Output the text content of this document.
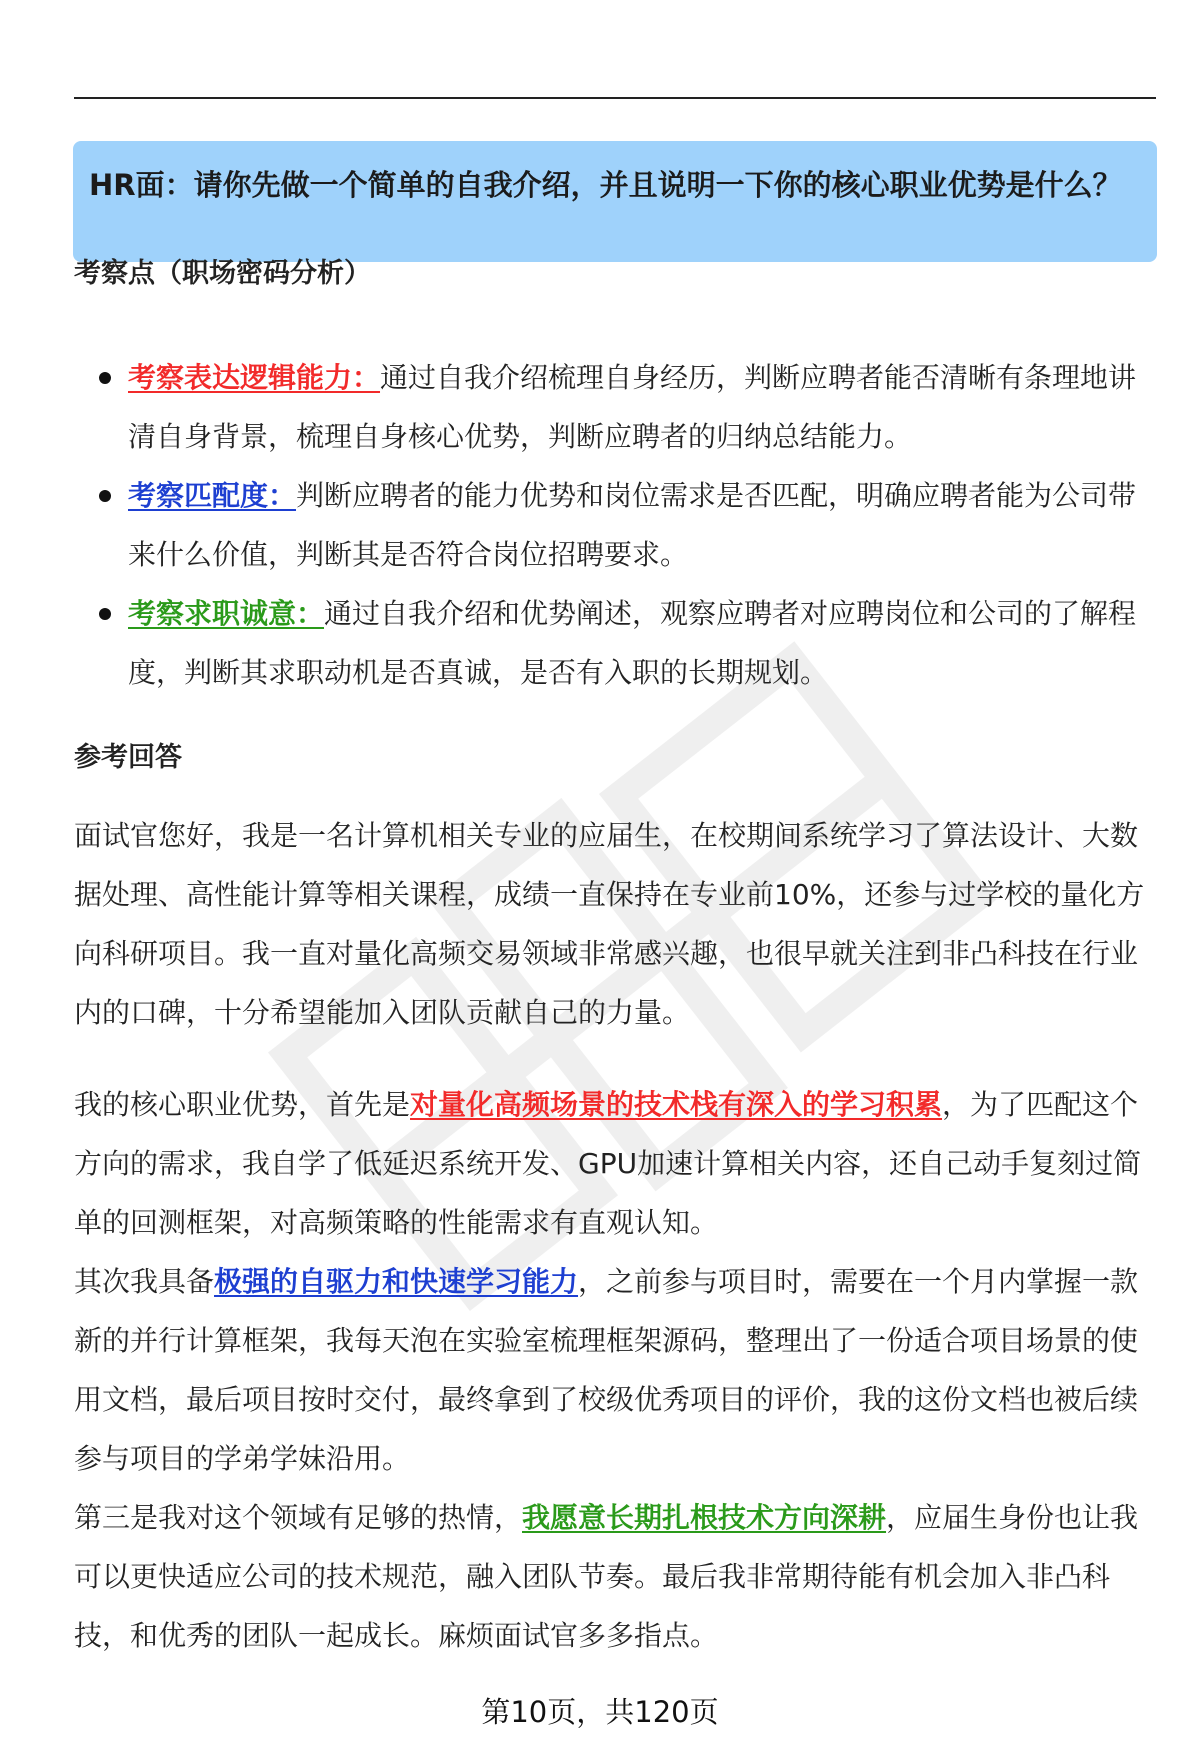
HR面：请你先做一个简单的自我介绍，并且说明一下你的核心职业优势是什么？
考察点（职场密码分析）
考察表达逻辑能力：通过自我介绍梳理自身经历，判断应聘者能否清晰有条理地讲清自身背景，梳理自身核心优势，判断应聘者的归纳总结能力。
考察匹配度：判断应聘者的能力优势和岗位需求是否匹配，明确应聘者能为公司带来什么价值，判断其是否符合岗位招聘要求。
考察求职诚意：通过自我介绍和优势阐述，观察应聘者对应聘岗位和公司的了解程度，判断其求职动机是否真诚，是否有入职的长期规划。
参考回答

面试官您好，我是一名计算机相关专业的应届生，在校期间系统学习了算法设计、大数据处理、高性能计算等相关课程，成绩一直保持在专业前10%，还参与过学校的量化方向科研项目。我一直对量化高频交易领域非常感兴趣，也很早就关注到非凸科技在行业内的口碑，十分希望能加入团队贡献自己的力量。

我的核心职业优势，首先是对量化高频场景的技术栈有深入的学习积累，为了匹配这个方向的需求，我自学了低延迟系统开发、GPU加速计算相关内容，还自己动手复刻过简单的回测框架，对高频策略的性能需求有直观认知。

其次我具备极强的自驱力和快速学习能力，之前参与项目时，需要在一个月内掌握一款新的并行计算框架，我每天泡在实验室梳理框架源码，整理出了一份适合项目场景的使用文档，最后项目按时交付，最终拿到了校级优秀项目的评价，我的这份文档也被后续参与项目的学弟学妹沿用。

第三是我对这个领域有足够的热情，我愿意长期扎根技术方向深耕，应届生身份也让我可以更快适应公司的技术规范，融入团队节奏。最后我非常期待能有机会加入非凸科技，和优秀的团队一起成长。麻烦面试官多多指点。

第10页，共120页
